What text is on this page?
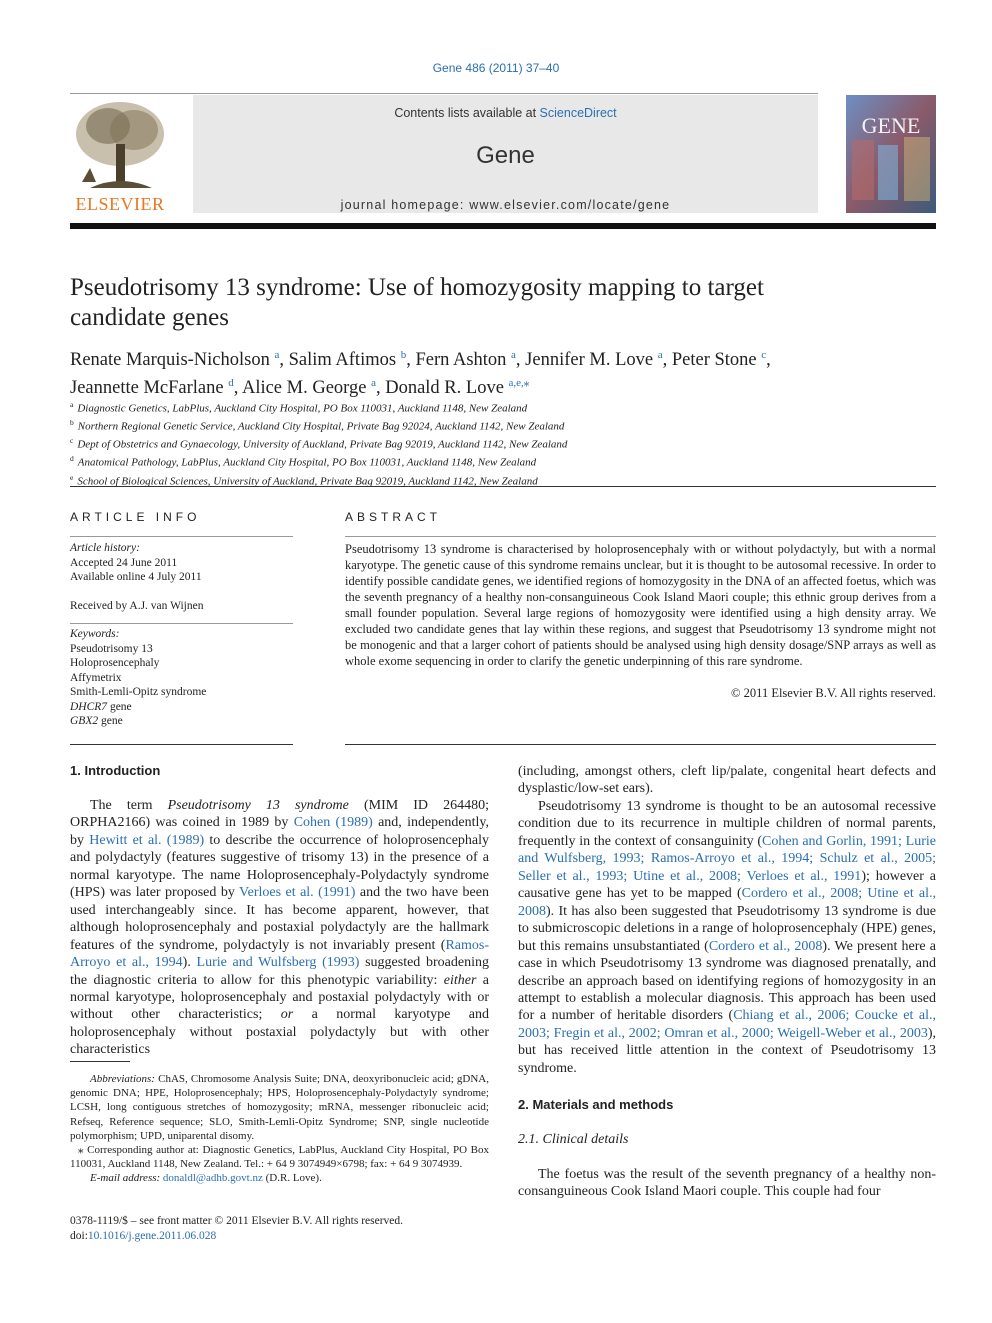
Gene 486 (2011) 37–40
Contents lists available at ScienceDirect
Gene
journal homepage: www.elsevier.com/locate/gene
ELSEVIER
GENE
Pseudotrisomy 13 syndrome: Use of homozygosity mapping to target candidate genes
Renate Marquis-Nicholson $^a$, Salim Aftimos $^b$, Fern Ashton $^a$, Jennifer M. Love $^a$, Peter Stone $^c$,
Jeannette McFarlane $^d$, Alice M. George $^a$, Donald R. Love $^{a,e,⁎}$
$^a$ Diagnostic Genetics, LabPlus, Auckland City Hospital, PO Box 110031, Auckland 1148, New Zealand
$^b$ Northern Regional Genetic Service, Auckland City Hospital, Private Bag 92024, Auckland 1142, New Zealand
$^c$ Dept of Obstetrics and Gynaecology, University of Auckland, Private Bag 92019, Auckland 1142, New Zealand
$^d$ Anatomical Pathology, LabPlus, Auckland City Hospital, PO Box 110031, Auckland 1148, New Zealand
$^e$ School of Biological Sciences, University of Auckland, Private Bag 92019, Auckland 1142, New Zealand
ARTICLE INFO
Article history:
Accepted 24 June 2011
Available online 4 July 2011
Received by A.J. van Wijnen
Keywords:
Pseudotrisomy 13
Holoprosencephaly
Affymetrix
Smith-Lemli-Opitz syndrome
DHCR7 gene
GBX2 gene
ABSTRACT
Pseudotrisomy 13 syndrome is characterised by holoprosencephaly with or without polydactyly, but with a normal karyotype. The genetic cause of this syndrome remains unclear, but it is thought to be autosomal recessive. In order to identify possible candidate genes, we identified regions of homozygosity in the DNA of an affected foetus, which was the seventh pregnancy of a healthy non-consanguineous Cook Island Maori couple; this ethnic group derives from a small founder population. Several large regions of homozygosity were identified using a high density array. We excluded two candidate genes that lay within these regions, and suggest that Pseudotrisomy 13 syndrome might not be monogenic and that a larger cohort of patients should be analysed using high density dosage/SNP arrays as well as whole exome sequencing in order to clarify the genetic underpinning of this rare syndrome.
© 2011 Elsevier B.V. All rights reserved.
1. Introduction
The term Pseudotrisomy 13 syndrome (MIM ID 264480; ORPHA2166) was coined in 1989 by Cohen (1989) and, independently, by Hewitt et al. (1989) to describe the occurrence of holoprosencephaly and polydactyly (features suggestive of trisomy 13) in the presence of a normal karyotype. The name Holoprosencephaly-Polydactyly syndrome (HPS) was later proposed by Verloes et al. (1991) and the two have been used interchangeably since. It has become apparent, however, that although holoprosencephaly and postaxial polydactyly are the hallmark features of the syndrome, polydactyly is not invariably present (Ramos-Arroyo et al., 1994). Lurie and Wulfsberg (1993) suggested broadening the diagnostic criteria to allow for this phenotypic variability: either a normal karyotype, holoprosencephaly and postaxial polydactyly with or without other characteristics; or a normal karyotype and holoprosencephaly without postaxial polydactyly but with other characteristics

Abbreviations: ChAS, Chromosome Analysis Suite; DNA, deoxyribonucleic acid; gDNA, genomic DNA; HPE, Holoprosencephaly; HPS, Holoprosencephaly-Polydactyly syndrome; LCSH, long contiguous stretches of homozygosity; mRNA, messenger ribonucleic acid; Refseq, Reference sequence; SLO, Smith-Lemli-Opitz Syndrome; SNP, single nucleotide polymorphism; UPD, uniparental disomy.

⁎ Corresponding author at: Diagnostic Genetics, LabPlus, Auckland City Hospital, PO Box 110031, Auckland 1148, New Zealand. Tel.: + 64 9 3074949×6798; fax: + 64 9 3074939.

E-mail address: donaldl@adhb.govt.nz (D.R. Love).

0378-1119/$ – see front matter © 2011 Elsevier B.V. All rights reserved.
doi:10.1016/j.gene.2011.06.028
(including, amongst others, cleft lip/palate, congenital heart defects and dysplastic/low-set ears).
Pseudotrisomy 13 syndrome is thought to be an autosomal recessive condition due to its recurrence in multiple children of normal parents, frequently in the context of consanguinity (Cohen and Gorlin, 1991; Lurie and Wulfsberg, 1993; Ramos-Arroyo et al., 1994; Schulz et al., 2005; Seller et al., 1993; Utine et al., 2008; Verloes et al., 1991); however a causative gene has yet to be mapped (Cordero et al., 2008; Utine et al., 2008). It has also been suggested that Pseudotrisomy 13 syndrome is due to submicroscopic deletions in a range of holoprosencephaly (HPE) genes, but this remains unsubstantiated (Cordero et al., 2008). We present here a case in which Pseudotrisomy 13 syndrome was diagnosed prenatally, and describe an approach based on identifying regions of homozygosity in an attempt to establish a molecular diagnosis. This approach has been used for a number of heritable disorders (Chiang et al., 2006; Coucke et al., 2003; Fregin et al., 2002; Omran et al., 2000; Weigell-Weber et al., 2003), but has received little attention in the context of Pseudotrisomy 13 syndrome.
2. Materials and methods
2.1. Clinical details
The foetus was the result of the seventh pregnancy of a healthy non-consanguineous Cook Island Maori couple. This couple had four
